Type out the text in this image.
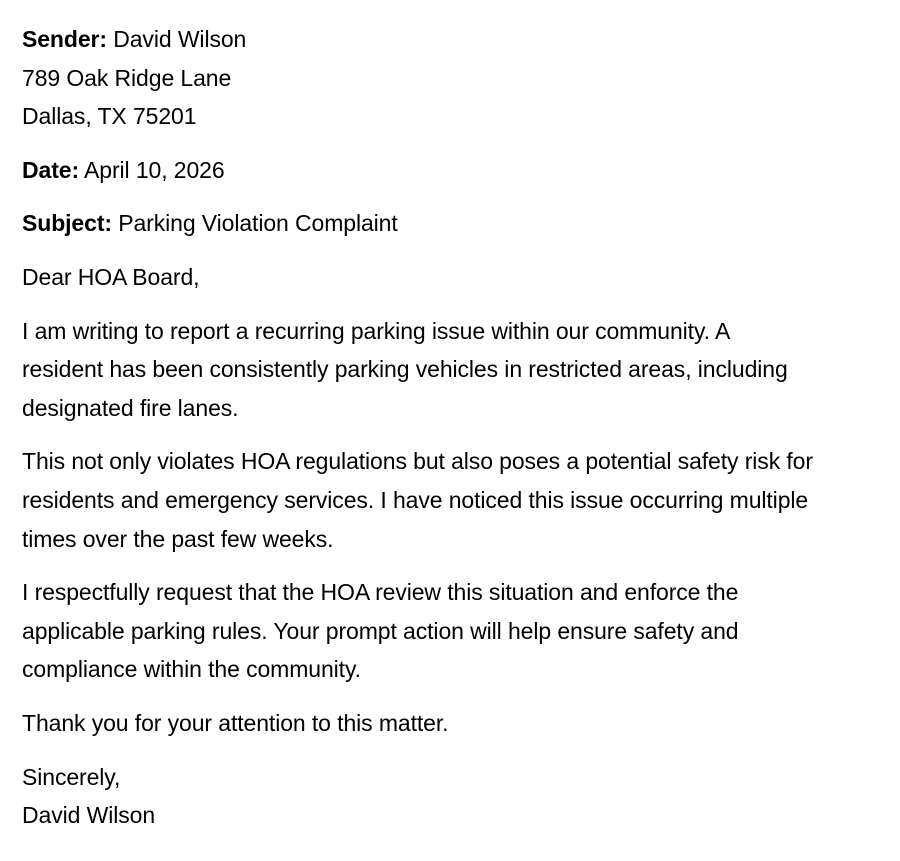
Sender: David Wilson
789 Oak Ridge Lane
Dallas, TX 75201
Date: April 10, 2026
Subject: Parking Violation Complaint
Dear HOA Board,
I am writing to report a recurring parking issue within our community. A
resident has been consistently parking vehicles in restricted areas, including
designated fire lanes.
This not only violates HOA regulations but also poses a potential safety risk for
residents and emergency services. I have noticed this issue occurring multiple
times over the past few weeks.
I respectfully request that the HOA review this situation and enforce the
applicable parking rules. Your prompt action will help ensure safety and
compliance within the community.
Thank you for your attention to this matter.
Sincerely,
David Wilson
